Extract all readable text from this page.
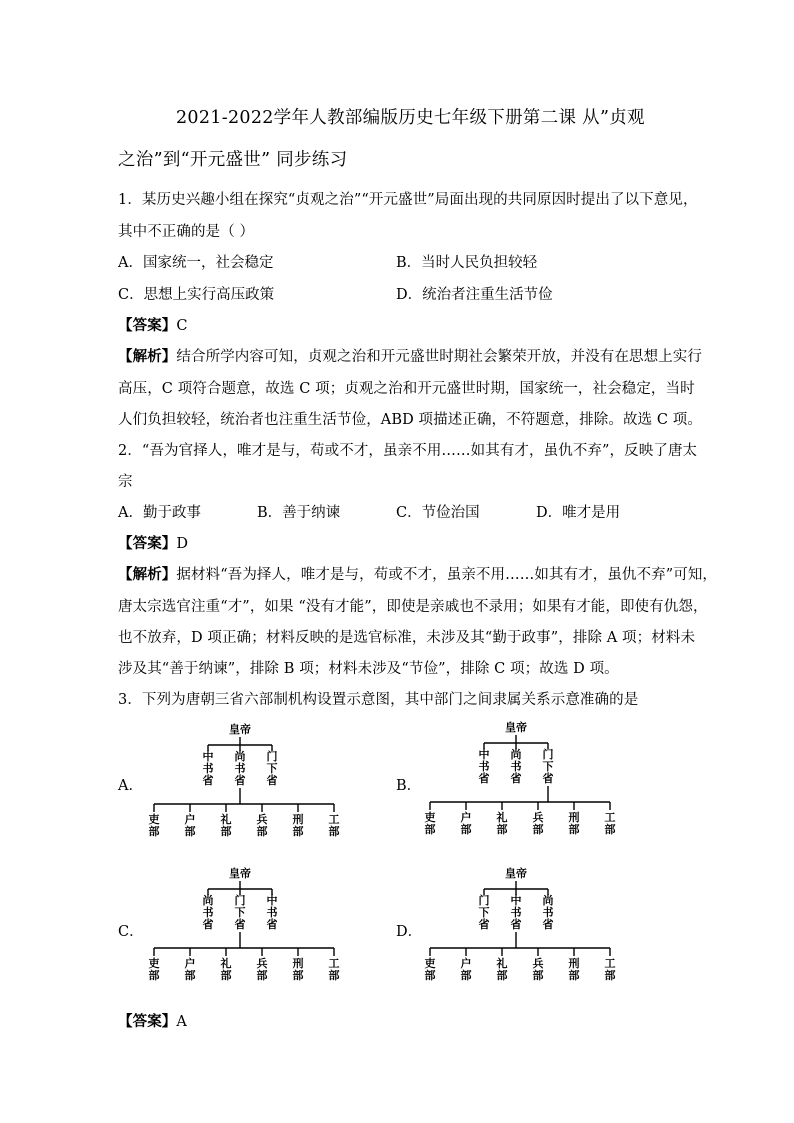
2021-2022学年人教部编版历史七年级下册第二课 从”贞观
之治”到“开元盛世” 同步练习
1．某历史兴趣小组在探究“贞观之治”“开元盛世”局面出现的共同原因时提出了以下意见，
其中不正确的是（ ）
A．国家统一，社会稳定	B．当时人民负担较轻
C．思想上实行高压政策	D．统治者注重生活节俭
【答案】C
【解析】结合所学内容可知，贞观之治和开元盛世时期社会繁荣开放，并没有在思想上实行
高压，C 项符合题意，故选 C 项；贞观之治和开元盛世时期，国家统一，社会稳定，当时
人们负担较轻，统治者也注重生活节俭，ABD 项描述正确，不符题意，排除。故选 C 项。
2．“吾为官择人，唯才是与，苟或不才，虽亲不用……如其有才，虽仇不弃”，反映了唐太
宗
A．勤于政事	B．善于纳谏	C．节俭治国	D．唯才是用
【答案】D
【解析】据材料“吾为择人，唯才是与，苟或不才，虽亲不用……如其有才，虽仇不弃”可知，
唐太宗选官注重“才”，如果 “没有才能”，即使是亲戚也不录用；如果有才能，即使有仇怨，
也不放弃，D 项正确；材料反映的是选官标准，未涉及其“勤于政事”，排除 A 项；材料未
涉及其“善于纳谏”，排除 B 项；材料未涉及“节俭”，排除 C 项；故选 D 项。
3．下列为唐朝三省六部制机构设置示意图，其中部门之间隶属关系示意准确的是
A．
皇帝
中
书
省
尚
书
省
门
下
省
吏
部
户
部
礼
部
兵
部
刑
部
工
部
B．
皇帝
中
书
省
尚
书
省
门
下
省
吏
部
户
部
礼
部
兵
部
刑
部
工
部
C．
皇帝
尚
书
省
门
下
省
中
书
省
吏
部
户
部
礼
部
兵
部
刑
部
工
部
D．
皇帝
门
下
省
中
书
省
尚
书
省
吏
部
户
部
礼
部
兵
部
刑
部
工
部
【答案】A
